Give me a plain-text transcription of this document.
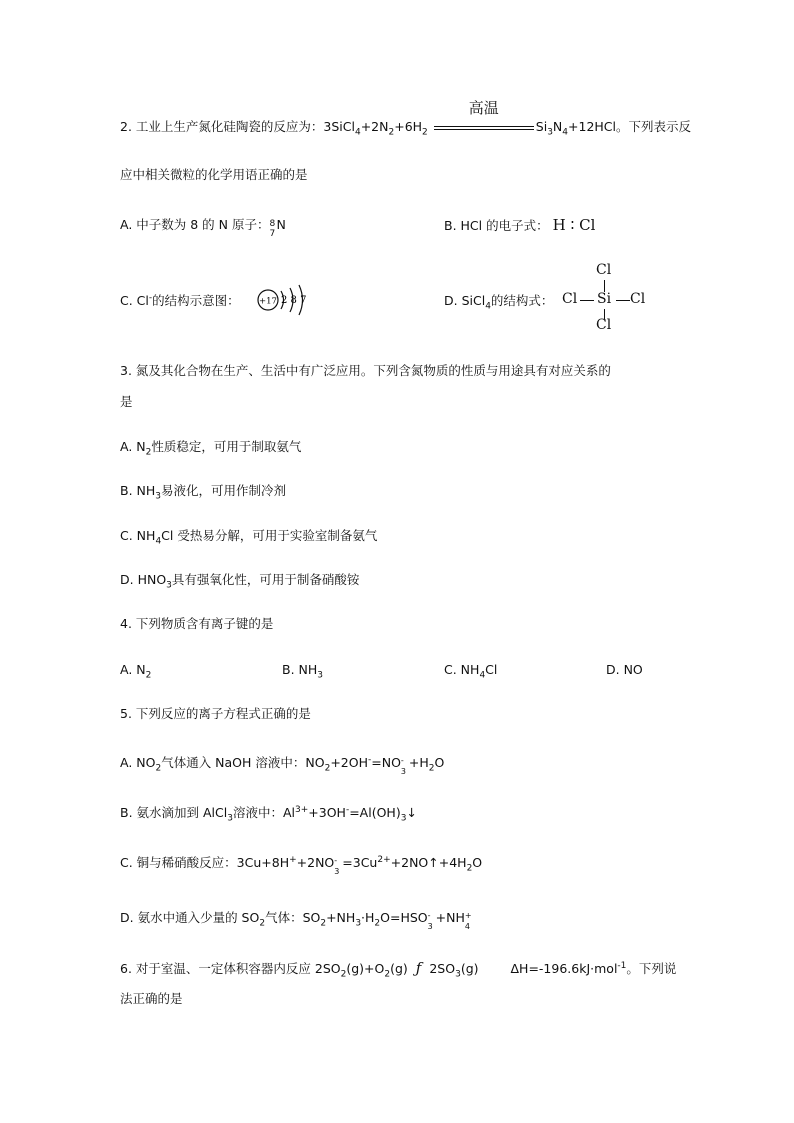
2. 工业上生产氮化硅陶瓷的反应为：$3SiCl_4+2N_2+6H_2$
高温
$Si_3N_4+12HCl$。下列表示反
应中相关微粒的化学用语正确的是
A. 中子数为 8 的 N 原子： 8
7
N	B. HCl 的电子式： H ∶ Cl
C. Cl-的结构示意图： +17 2 8 7	D. SiCl$_4$的结构式：
Cl
Cl Si Cl
Cl
3. 氮及其化合物在生产、生活中有广泛应用。下列含氮物质的性质与用途具有对应关系的
是
A. $N_2$性质稳定，可用于制取氨气
B. $NH_3$易液化，可用作制冷剂
C. $NH_4Cl$ 受热易分解，可用于实验室制备氨气
D. $HNO_3$具有强氧化性，可用于制备硝酸铵
4. 下列物质含有离子键的是
A. $N_2$	B. $NH_3$	C. $NH_4Cl$	D. NO
5. 下列反应的离子方程式正确的是
A. $NO_2$气体通入 NaOH 溶液中：$NO_2+2OH^-=NO$ -
3
$+H_2O$
B. 氨水滴加到 AlCl$_3$溶液中：$Al^{3+}+3OH^-=Al(OH)_3↓$
C. 铜与稀硝酸反应：3Cu+8H++2NO -
3
$=3Cu^{2+}+2NO↑+4H_2O$
D. 氨水中通入少量的 $SO_2$气体：$SO_2+NH_3\cdot H_2O=HSO$ -
3
+NH +
4
6. 对于室温、一定体积容器内反应 $2SO_2(g)+O_2(g)$ ƒ $2SO_3(g)$	ΔH=-196.6kJ·mol$^{-1}$。下列说
法正确的是
